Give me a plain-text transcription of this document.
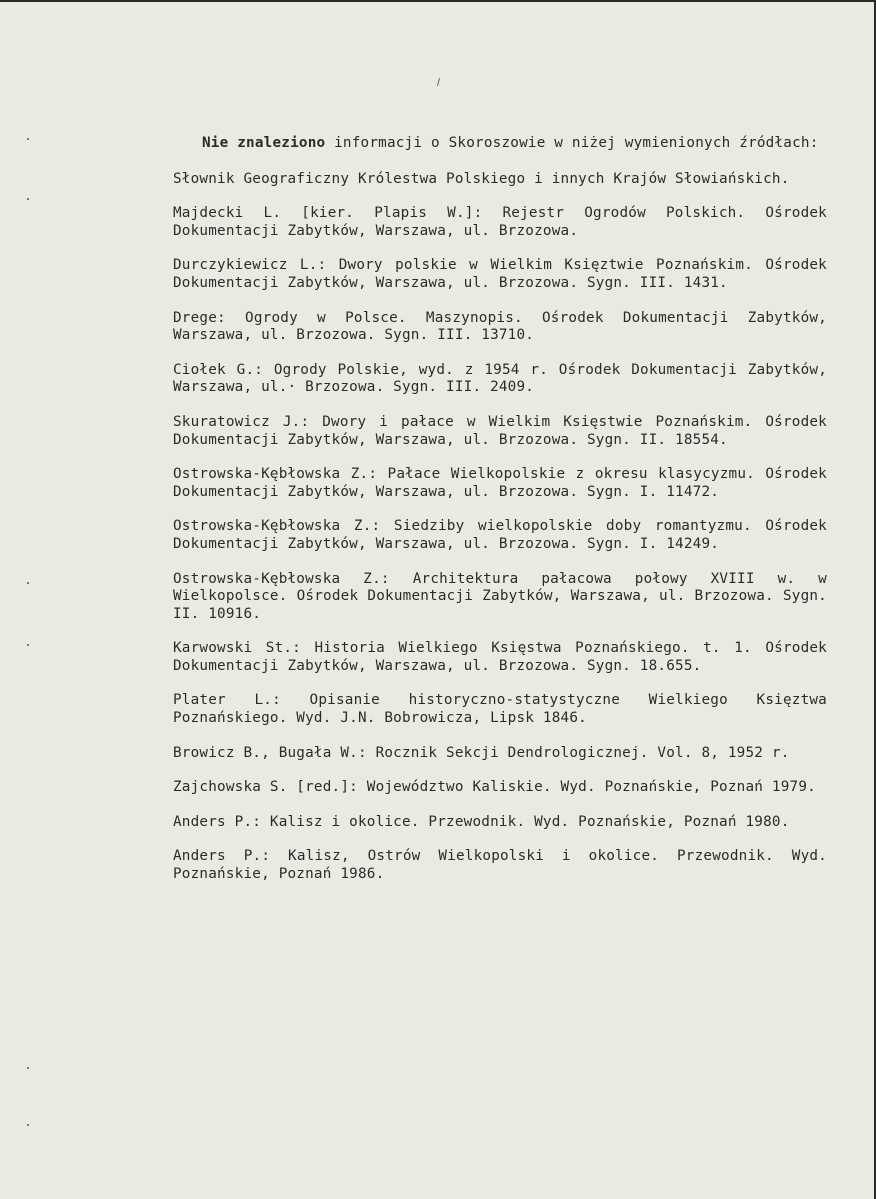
Nie znaleziono informacji o Skoroszowie w niżej wymienionych źródłach:

Słownik Geograficzny Królestwa Polskiego i innych Krajów Słowiańskich.

Majdecki L. [kier. Plapis W.]: Rejestr Ogrodów Polskich. Ośrodek Dokumentacji Zabytków, Warszawa, ul. Brzozowa.

Durczykiewicz L.: Dwory polskie w Wielkim Księztwie Poznańskim. Ośrodek Dokumentacji Zabytków, Warszawa, ul. Brzozowa. Sygn. III. 1431.

Drege: Ogrody w Polsce. Maszynopis. Ośrodek Dokumentacji Zabytków, Warszawa, ul. Brzozowa. Sygn. III. 13710.

Ciołek G.: Ogrody Polskie, wyd. z 1954 r. Ośrodek Dokumentacji Zabytków, Warszawa, ul.· Brzozowa. Sygn. III. 2409.

Skuratowicz J.: Dwory i pałace w Wielkim Księstwie Poznańskim. Ośrodek Dokumentacji Zabytków, Warszawa, ul. Brzozowa. Sygn. II. 18554.

Ostrowska-Kębłowska Z.: Pałace Wielkopolskie z okresu klasycyzmu. Ośrodek Dokumentacji Zabytków, Warszawa, ul. Brzozowa. Sygn. I. 11472.

Ostrowska-Kębłowska Z.: Siedziby wielkopolskie doby romantyzmu. Ośrodek Dokumentacji Zabytków, Warszawa, ul. Brzozowa. Sygn. I. 14249.

Ostrowska-Kębłowska Z.: Architektura pałacowa połowy XVIII w. w Wielkopolsce. Ośrodek Dokumentacji Zabytków, Warszawa, ul. Brzozowa. Sygn. II. 10916.

Karwowski St.: Historia Wielkiego Księstwa Poznańskiego. t. 1. Ośrodek Dokumentacji Zabytków, Warszawa, ul. Brzozowa. Sygn. 18.655.

Plater L.: Opisanie historyczno-statystyczne Wielkiego Księztwa Poznańskiego. Wyd. J.N. Bobrowicza, Lipsk 1846.

Browicz B., Bugała W.: Rocznik Sekcji Dendrologicznej. Vol. 8, 1952 r.

Zajchowska S. [red.]: Województwo Kaliskie. Wyd. Poznańskie, Poznań 1979.

Anders P.: Kalisz i okolice. Przewodnik. Wyd. Poznańskie, Poznań 1980.

Anders P.: Kalisz, Ostrów Wielkopolski i okolice. Przewodnik. Wyd. Poznańskie, Poznań 1986.
